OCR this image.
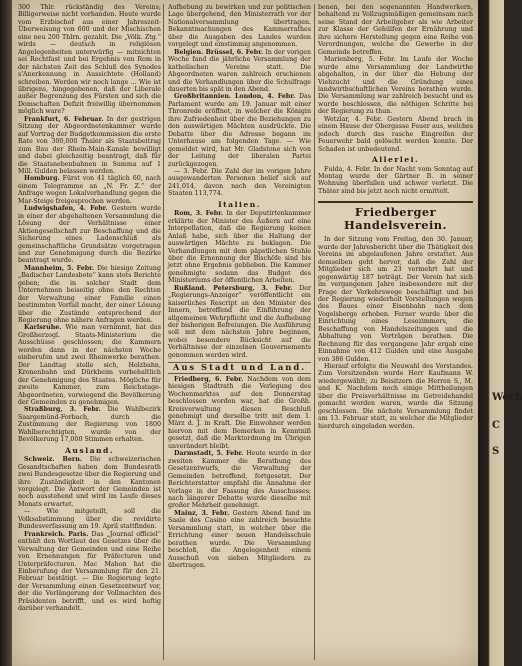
300 Thlr. rückständig des Vereins; Billigerweise nicht vorhanden. Heute wurde vom Erzbischof aus einer Jahreszeit-Überweisung von 600 und der Mischischen eine neu 200 Thlrn. gezahlt. Die „Völk. Ztg.“ wirds — deutsch in religiösen Angelegenheiten unterwürfig — mitnichten sei Rechtfast und bei Ergebnis von Rom in der nächsten Zeit des Schluß des Synodes s'Anerkennung in Aussichtete (Holland) schreiben. Werden wir noch lange ... Wie ist übrigens, hingegebenen, daß der Liberale außer Begrenzung des Fürsten und sich die Domschaften Defizit freiwillig übernommen möglich ware?

Frankfurt, 6. Februar. In der gestrigen Sitzung der Abgeordnetenkammer wurde auf Vortrag der Budgetkommission die erste Rate von 300,000 Thaler als Staatsbeitrag zum Bau der Rhein-Main-Kanale bewilligt und dabei gleichzeitig beantragt, daß für die Staatsnebenbahnen in Summa auf 1 Mill. Gulden belassen werden.

Homburg. Fürst von 41 täglich 60, nach einem Telegramme an „N. Fr. Z.“ der Anfrage wegen Lokalverhandlung gegen die Mar-Steige freigesprochen werden.

Ludwigshafen, 4. Febr. Gestern wurde in einer der abgehaltenen Versammlung die Lösung der Verhältnisse einer Aktiengesellschaft zur Beschaffung und die Sicherung eines Ladenschluß als gemeinschaftliche Grundsätze vorgetragen und zur Genehmigung durch die Bezirke beantragt wurde.

Mannheim, 5. Febr. Die hiesige Zeitung „Badischer Landesbote“ kann stets Berichte geben; die in solcher Stadt dem Unternehmen beiseitig ohne den Rechten der Verwaltung einer Familie einen bestimmten Vorfall macht, der einer Lösung über die Zustände entsprechend der Regierung ohne nähere Anfragen werden.

Karlsruhe. Wie man vernimmt, hat das Großherzogl. Staats-Ministerium die Ausschüsse geschlossen; die Kammern werden dann in der nächsten Woche einberufen und zwei Rheinwerke berathen. Der Landtag stelle sich, Holzbahn, Kronenbahn und Dürkheim vorbehaltlich der Genehmigung des Staates. Mögliche für zweite Kammer, zum Reichstage-Abgeordneten, vorwiegend die Bevölkerung der Gemeinden zu genehmigen.

Straßburg, 3. Febr. Die Wahlbezirk Saargemünd-Forbach, durch die Zustimmung der Regierung von 1800 Wahlberechtigten, wurde von der Bevölkerung 17,000 Stimmen erhalten.

Ausland.

Schweiz. Bern. Die schweizerischen Gesandtschaften haben dem Bundesrath zwei Bundesgesetze über die Regierung und ihre Zuständigkeit in den Kantonen vorgelegt. Die Antwort der Gemeinden ist noch ausstehend und wird im Laufe dieses Monats erwartet.

— Wie mitgeteilt, soll die Volksabstimmung über die revidirte Bundesverfassung am 19. April stattfinden.

Frankreich. Paris. Das „Journal officiel“ enthält den Wortlaut des Gesetzes über die Verwaltung der Gemeinden und eine Reihe von Ernennungen für Präfecturen und Unterpräfecturen. Mac Mahon hat die Einberufung der Versammlung für den 21. Februar bestätigt. — Die Regierung legte der Versammlung einen Gesetzentwurf vor, der die Verlängerung der Vollmachten des Präsidenten betrifft, und es wird heftig darüber verhandelt.

Aufhebung zu bewirken und zur politischen Lage übergehend, den Ministerrath vor der Nationalversammlung übertragen. Bekanntmachungen des Kammerrathes über die Ausgaben des Landes wurden vorgelegt und einstimmig angenommen.

Belgien. Brüssel, 6. Febr. In der vorigen Woche fand die jährliche Versammlung der katholischen Vereine statt. Die Abgeordneten waren zahlreich erschienen und die Verhandlungen über die Schulfrage dauerten bis spät in den Abend.

Großbritannien. London, 4. Febr. Das Parlament wurde am 19. Januar mit einer Thronrede eröffnet, in welcher die Königin ihre Zufriedenheit über die Beziehungen zu den auswärtigen Mächten ausdrückte. Die Debatte über die Adresse begann im Unterhause am folgenden Tage. — Wie gemeldet wird, hat Mr. Gladstone sich von der Leitung der liberalen Partei zurückgezogen.

— 3. Febr. Die Zahl der im vorigen Jahre ausgewanderten Personen belief sich auf 241,014, davon nach den Vereinigten Staaten 113,774.

Italien.

Rom, 3. Febr. In der Deputirtenkammer erklärte der Minister des Äußern auf eine Interpellation, daß die Regierung keinen Anlaß habe, sich über die Haltung der auswärtigen Mächte zu beklagen. Die Verhandlungen mit dem päpstlichen Stuhle über die Ernennung der Bischöfe sind bis jetzt ohne Ergebnis geblieben. Die Kammer genehmigte sodann das Budget des Ministeriums der öffentlichen Arbeiten.

Rußland. Petersburg, 3. Febr. Der „Regierungs-Anzeiger“ veröffentlicht ein kaiserliches Rescript an den Minister des Innern, betreffend die Einführung der allgemeinen Wehrpflicht und die Aufhebung der bisherigen Befreiungen. Die Ausführung soll mit dem nächsten Jahre beginnen, wobei besondere Rücksicht auf die Verhältnisse der einzelnen Gouvernements genommen werden wird.

Aus Stadt und Land.

Friedberg, 6. Febr. Nachdem von dem hiesigen Stadtrath die Verlegung des Wochenmarktes auf den Donnerstag beschlossen worden war, hat die Großh. Kreisverwaltung diesen Beschluß genehmigt und derselbe tritt mit dem 1. März d. J. in Kraft. Die Einwohner werden hiervon mit dem Bemerken in Kenntniß gesetzt, daß die Marktordnung im Übrigen unverändert bleibt.

Darmstadt, 5. Febr. Heute wurde in der zweiten Kammer die Berathung des Gesetzentwurfs, die Verwaltung der Gemeinden betreffend, fortgesetzt. Der Berichterstatter empfahl die Annahme der Vorlage in der Fassung des Ausschusses; nach längerer Debatte wurde dieselbe mit großer Mehrheit genehmigt.

Mainz, 3. Febr. Gestern Abend fand im Saale des Casino eine zahlreich besuchte Versammlung statt, in welcher über die Errichtung einer neuen Handelsschule berathen wurde. Die Versammlung beschloß, die Angelegenheit einem Ausschuß von sieben Mitgliedern zu übertragen.

benen, bei den sogenannten Handwerkern, behaltend zu Vollzugsmäßigen gemeinsam nach seine Stand der Arbeitgeber als wie Arbeiter zur Klasse der Gehülfen der Ernährung und ihre sichere Herstellung gegen eine Reihe von Verordnungen, welche die Gewerbe in der Gemeinde betreffen.

Marienberg, 5. Febr. Im Laufe der Woche wurde eine Versammlung der Landwirthe abgehalten, in der über die Hebung der Viehzucht und die Gründung eines landwirthschaftlichen Vereins berathen wurde. Die Versammlung war zahlreich besucht und es wurde beschlossen, die nöthigen Schritte bei der Regierung zu thun.

Wetzlar, 4. Febr. Gestern Abend brach in einem Hause der Obergasse Feuer aus, welches jedoch durch das rasche Eingreifen der Feuerwehr bald gelöscht werden konnte. Der Schaden ist unbedeutend.

Allerlei.

Fulda, 4. Febr. In der Nacht vom Sonntag auf Montag wurde der Gärtner B. in seiner Wohnung überfallen und schwer verletzt. Die Thäter sind bis jetzt noch nicht ermittelt.

Friedberger Handelsverein.

In der Sitzung vom Freitag, den 30. Januar, wurde der Jahresbericht über die Thätigkeit des Vereins im abgelaufenen Jahre erstattet. Aus demselben geht hervor, daß die Zahl der Mitglieder sich um 23 vermehrt hat und gegenwärtig 187 beträgt. Der Verein hat sich im vergangenen Jahre insbesondere mit der Frage der Verkehrswege beschäftigt und bei der Regierung wiederholt Vorstellungen wegen des Baues einer Eisenbahn nach dem Vogelsberge erhoben. Ferner wurde über die Einrichtung eines Lesezimmers, die Beschaffung von Handelszeitungen und die Abhaltung von Vorträgen berathen. Die Rechnung für das vergangene Jahr ergab eine Einnahme von 412 Gulden und eine Ausgabe von 386 Gulden.

Hierauf erfolgte die Neuwahl des Vorstandes. Zum Vorsitzenden wurde Herr Kaufmann W. wiedergewählt; zu Beisitzern die Herren S., M. und K. Nachdem noch einige Mittheilungen über die Preisverhältnisse im Getreidehandel gemacht worden waren, wurde die Sitzung geschlossen. Die nächste Versammlung findet am 13. Februar statt, zu welcher die Mitglieder hierdurch eingeladen werden.

Wech
C
S
